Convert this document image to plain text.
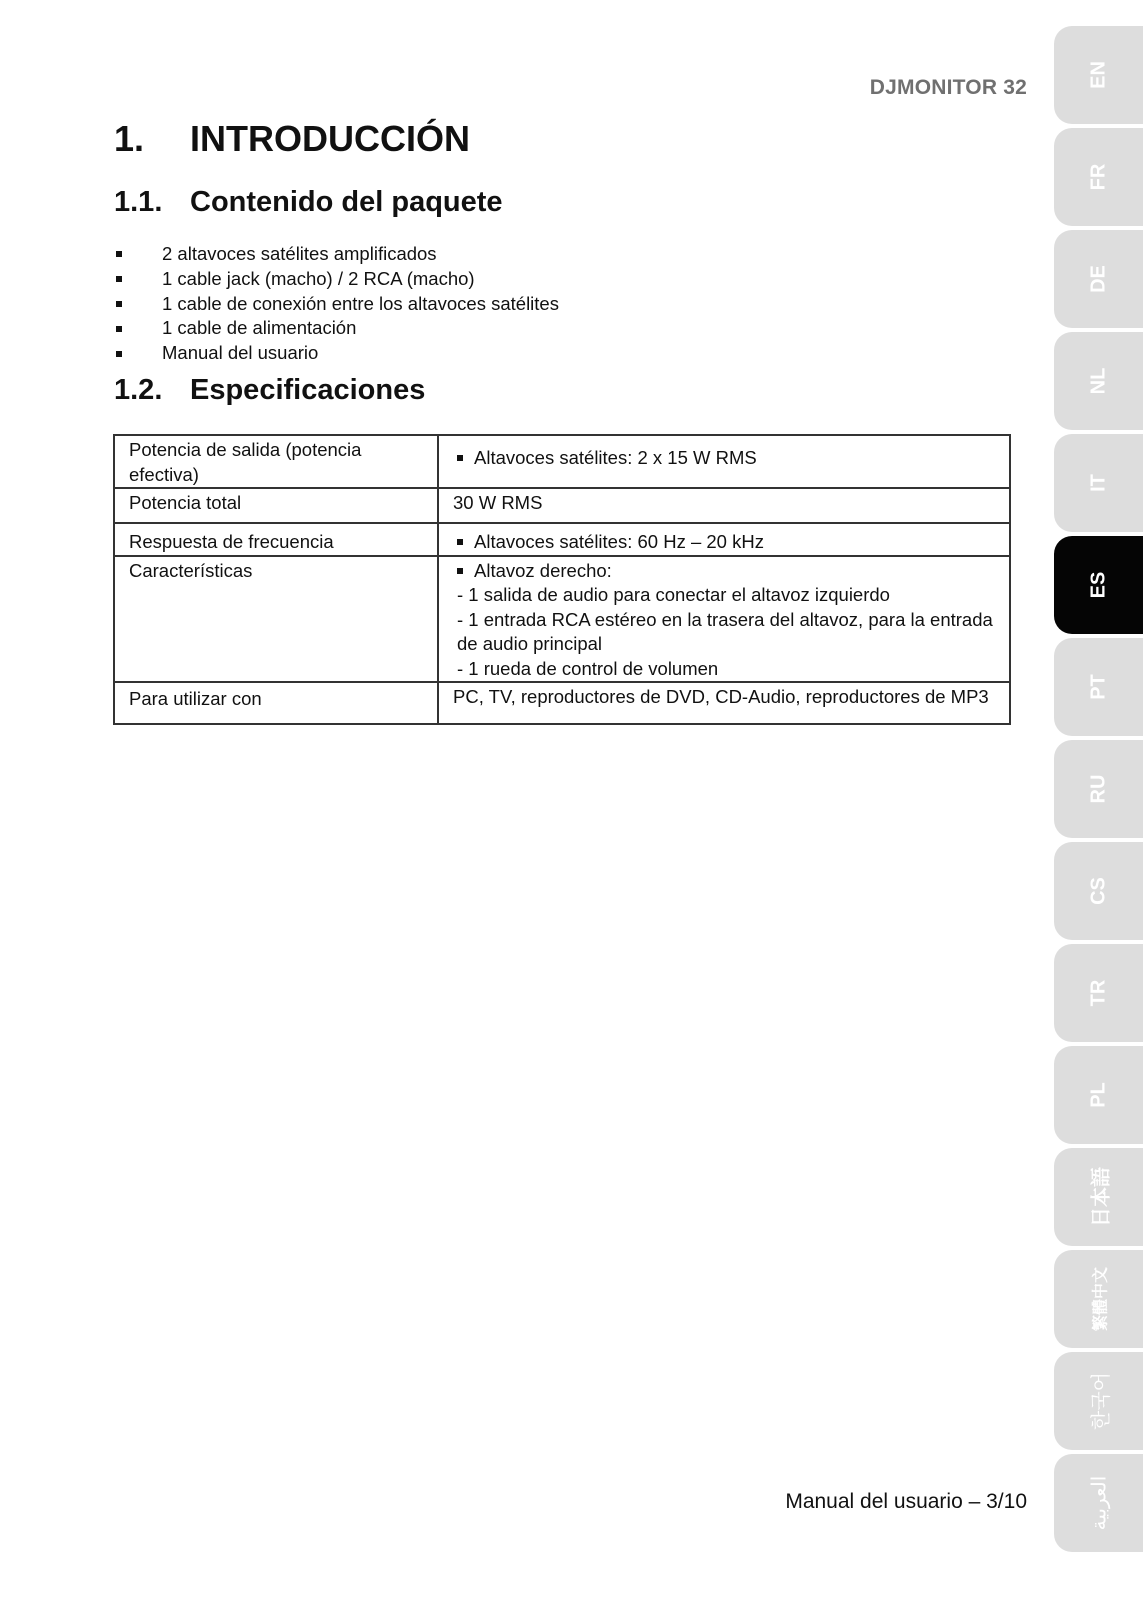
DJMONITOR 32
1.	INTRODUCCIÓN
1.1. Contenido del paquete
2 altavoces satélites amplificados
1 cable jack (macho) / 2 RCA (macho)
1 cable de conexión entre los altavoces satélites
1 cable de alimentación
Manual del usuario
1.2. Especificaciones
Potencia de salida (potencia efectiva)	Altavoces satélites: 2 x 15 W RMS

Potencia total	30 W RMS
Respuesta de frecuencia	Altavoces satélites: 60 Hz – 20 kHz

Características	Altavoz derecho:
- 1 salida de audio para conectar el altavoz izquierdo
- 1 entrada RCA estéreo en la trasera del altavoz, para la entrada de audio principal
- 1 rueda de control de volumen

Para utilizar con	PC, TV, reproductores de DVD, CD-Audio, reproductores de MP3
Manual del usuario – 3/10
EN
FR
DE
NL
IT
ES
PT
RU
CS
TR
PL
日本語
繁體中文
한국어
العربية
